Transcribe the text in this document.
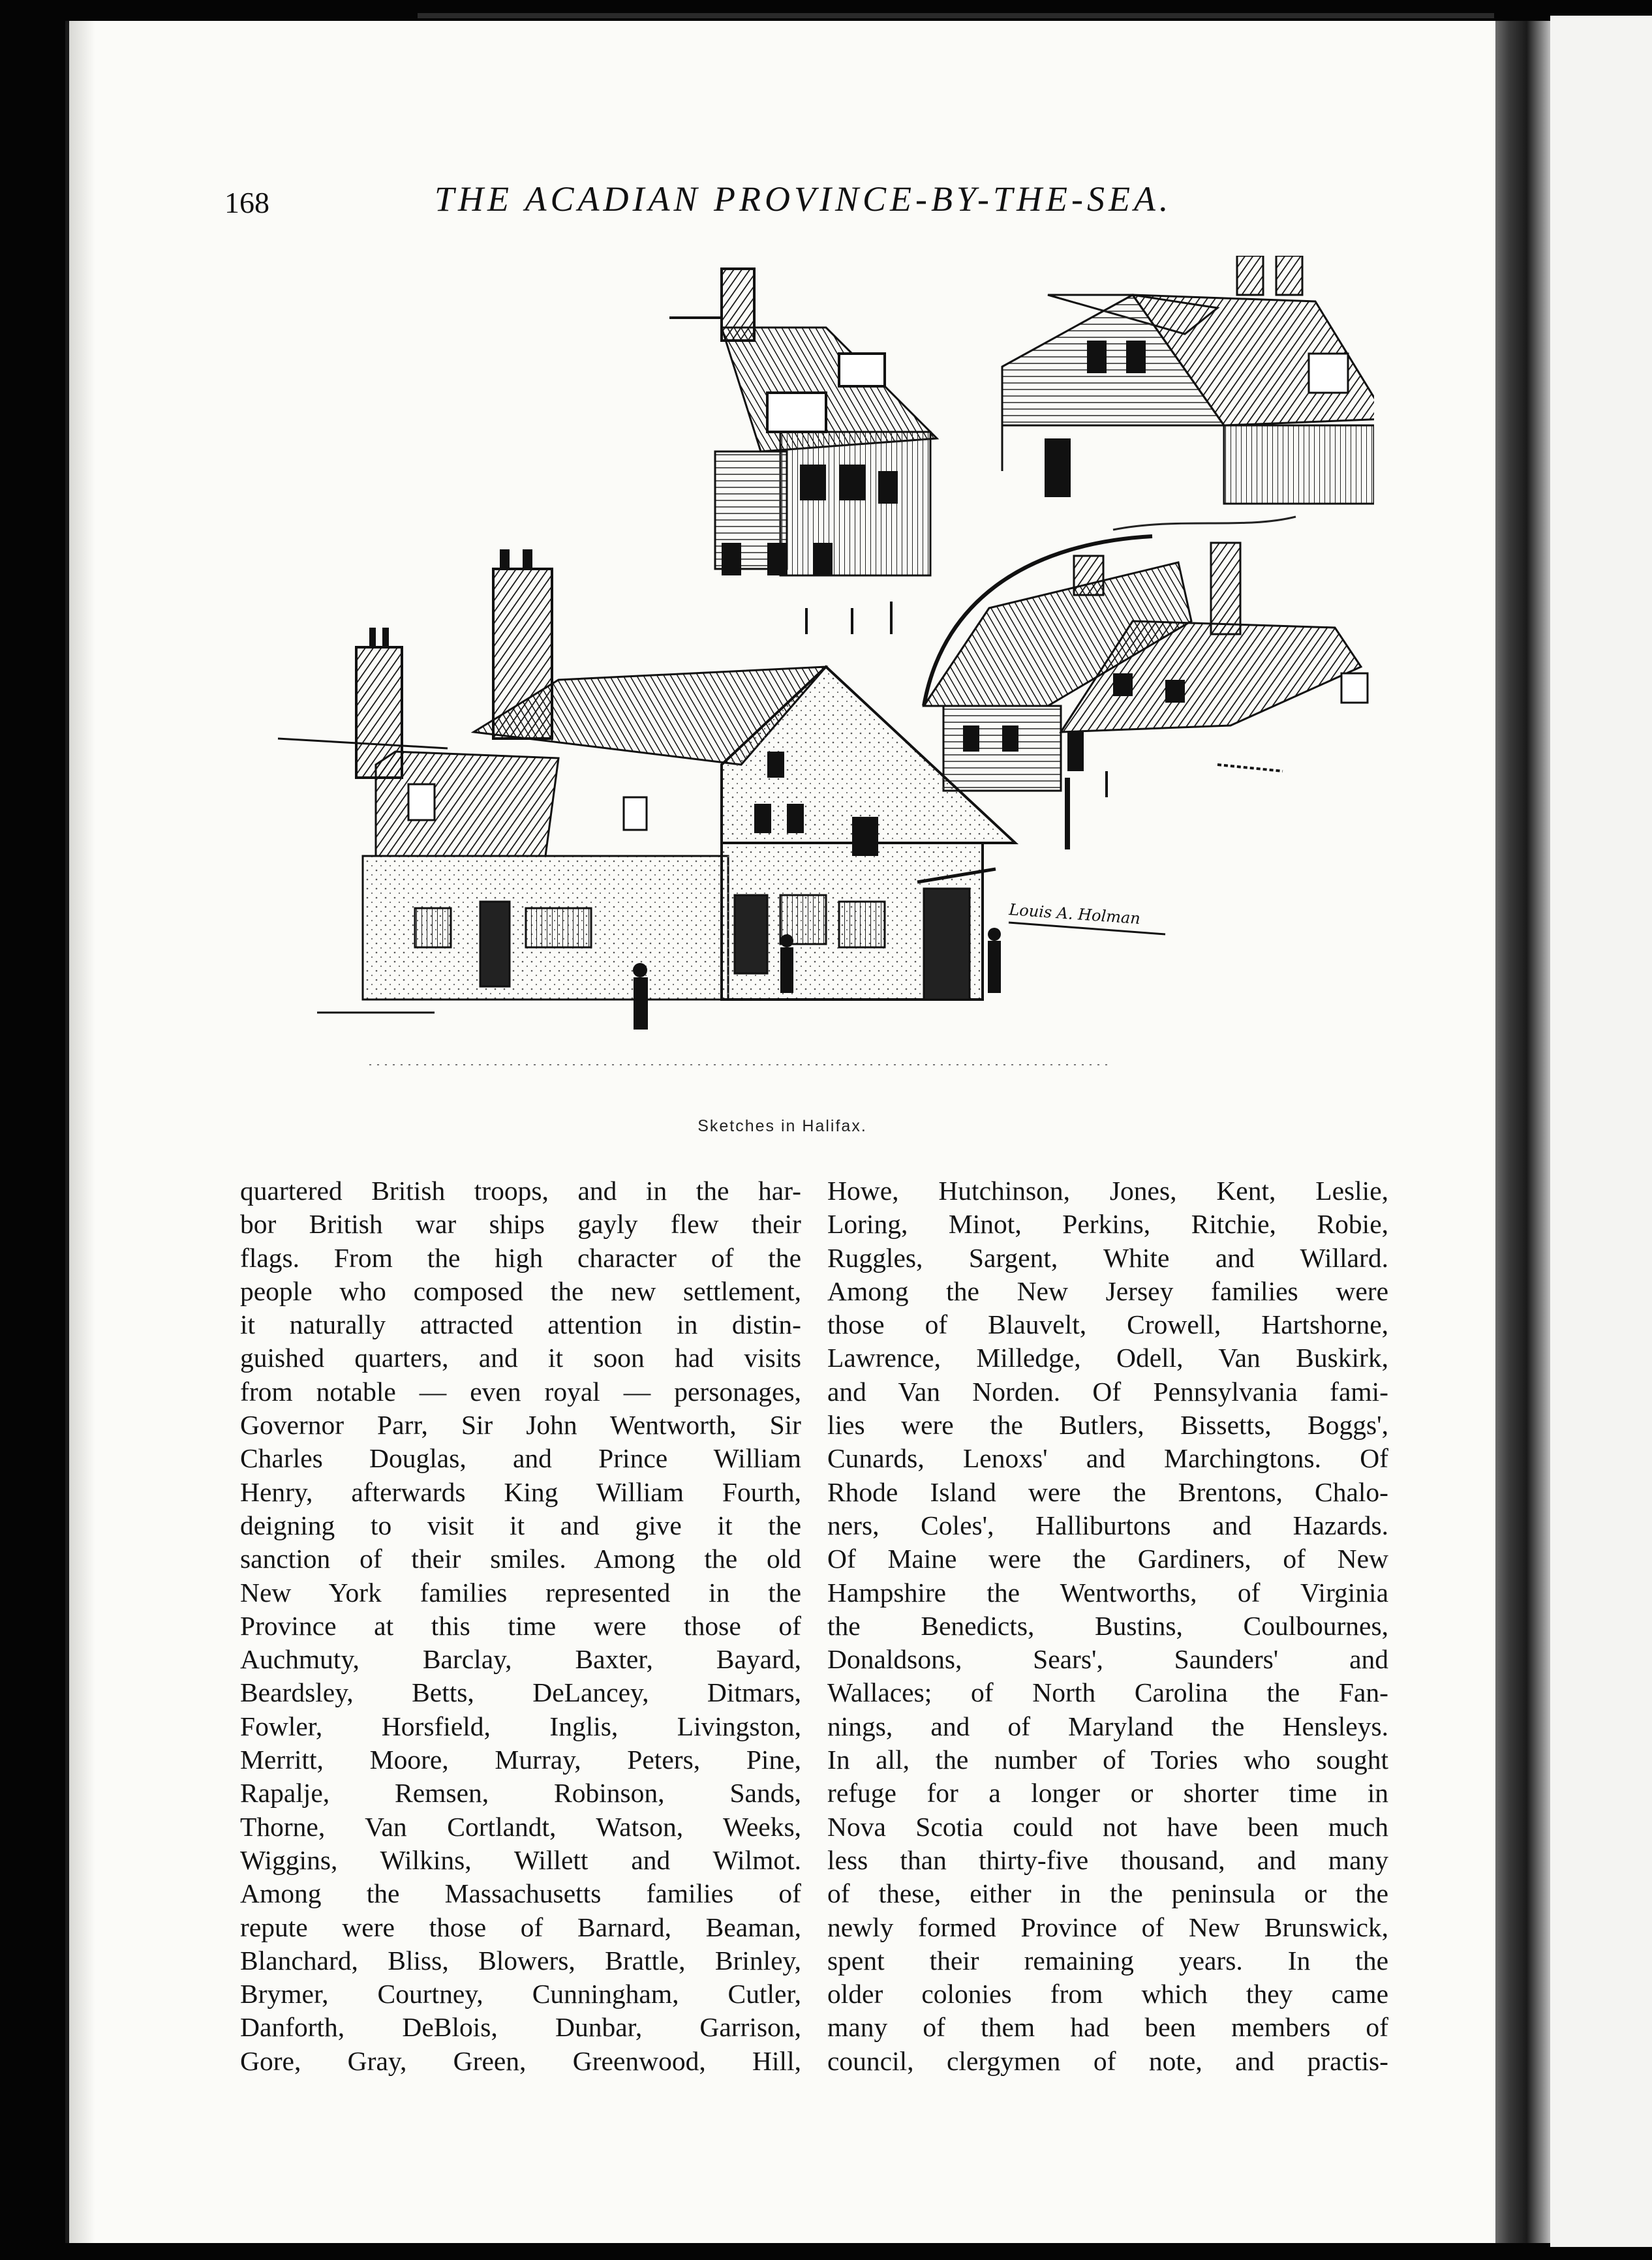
168	THE ACADIAN PROVINCE-BY-THE-SEA.
Louis A. Holman
Sketches in Halifax.
quartered British troops, and in the har-
bor British war ships gayly flew their
flags. From the high character of the
people who composed the new settlement,
it naturally attracted attention in distin-
guished quarters, and it soon had visits
from notable — even royal — personages,
Governor Parr, Sir John Wentworth, Sir
Charles Douglas, and Prince William
Henry, afterwards King William Fourth,
deigning to visit it and give it the
sanction of their smiles. Among the old
New York families represented in the
Province at this time were those of
Auchmuty, Barclay, Baxter, Bayard,
Beardsley, Betts, DeLancey, Ditmars,
Fowler, Horsfield, Inglis, Livingston,
Merritt, Moore, Murray, Peters, Pine,
Rapalje, Remsen, Robinson, Sands,
Thorne, Van Cortlandt, Watson, Weeks,
Wiggins, Wilkins, Willett and Wilmot.
Among the Massachusetts families of
repute were those of Barnard, Beaman,
Blanchard, Bliss, Blowers, Brattle, Brinley,
Brymer, Courtney, Cunningham, Cutler,
Danforth, DeBlois, Dunbar, Garrison,
Gore, Gray, Green, Greenwood, Hill,
Howe, Hutchinson, Jones, Kent, Leslie,
Loring, Minot, Perkins, Ritchie, Robie,
Ruggles, Sargent, White and Willard.
Among the New Jersey families were
those of Blauvelt, Crowell, Hartshorne,
Lawrence, Milledge, Odell, Van Buskirk,
and Van Norden. Of Pennsylvania fami-
lies were the Butlers, Bissetts, Boggs',
Cunards, Lenoxs' and Marchingtons. Of
Rhode Island were the Brentons, Chalo-
ners, Coles', Halliburtons and Hazards.
Of Maine were the Gardiners, of New
Hampshire the Wentworths, of Virginia
the Benedicts, Bustins, Coulbournes,
Donaldsons, Sears', Saunders' and
Wallaces; of North Carolina the Fan-
nings, and of Maryland the Hensleys.
In all, the number of Tories who sought
refuge for a longer or shorter time in
Nova Scotia could not have been much
less than thirty-five thousand, and many
of these, either in the peninsula or the
newly formed Province of New Brunswick,
spent their remaining years. In the
older colonies from which they came
many of them had been members of
council, clergymen of note, and practis-
